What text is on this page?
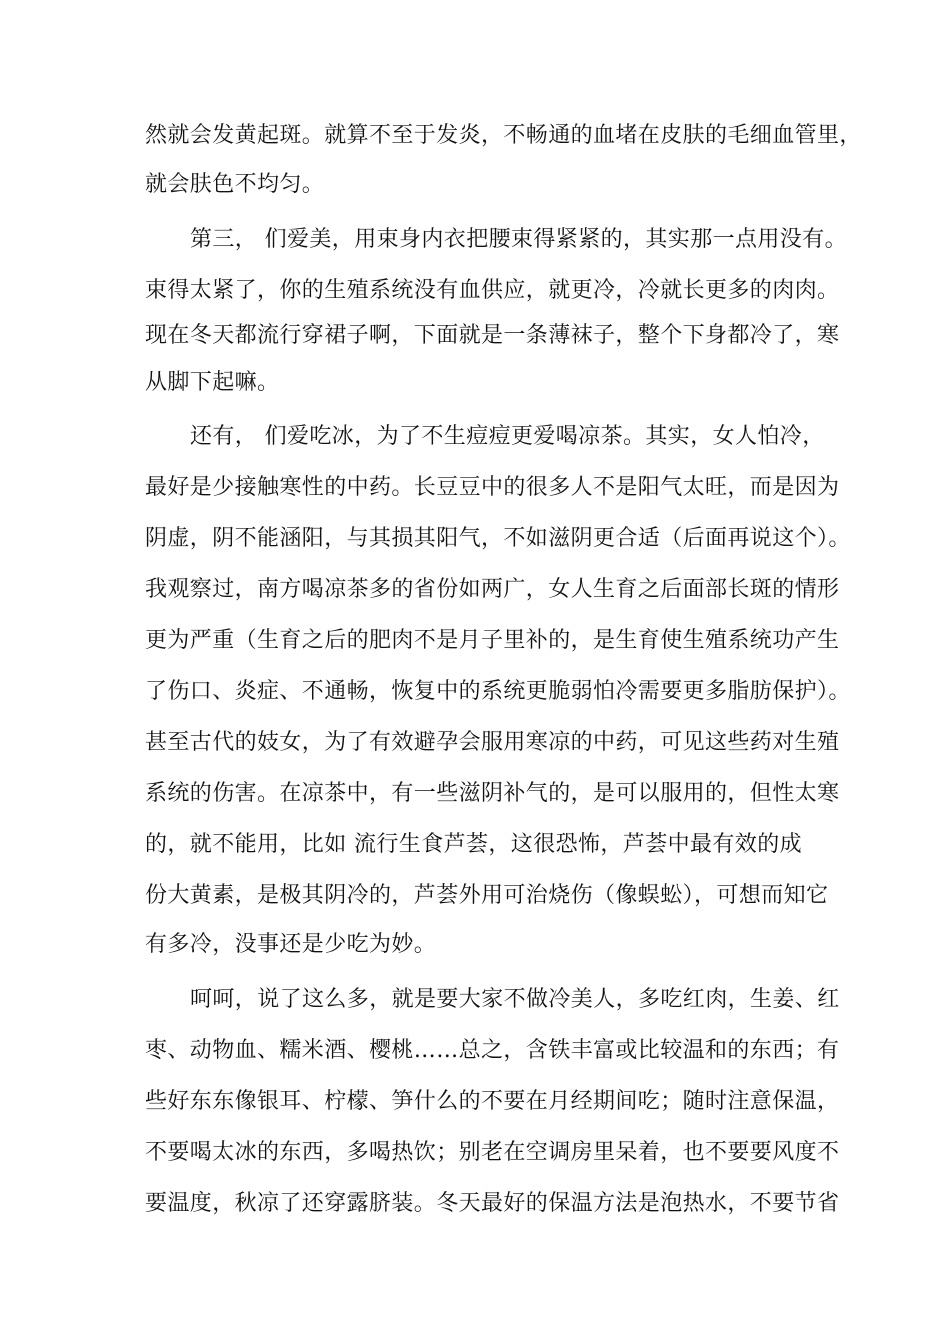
然就会发黄起斑。就算不至于发炎，不畅通的血堵在皮肤的毛细血管里，
就会肤色不均匀。
第三， 们爱美，用束身内衣把腰束得紧紧的，其实那一点用没有。
束得太紧了，你的生殖系统没有血供应，就更冷，冷就长更多的肉肉。
现在冬天都流行穿裙子啊，下面就是一条薄袜子，整个下身都冷了，寒
从脚下起嘛。
还有， 们爱吃冰，为了不生痘痘更爱喝凉茶。其实，女人怕冷，
最好是少接触寒性的中药。长豆豆中的很多人不是阳气太旺，而是因为
阴虚，阴不能涵阳，与其损其阳气，不如滋阴更合适（后面再说这个）。
我观察过，南方喝凉茶多的省份如两广，女人生育之后面部长斑的情形
更为严重（生育之后的肥肉不是月子里补的，是生育使生殖系统功产生
了伤口、炎症、不通畅，恢复中的系统更脆弱怕冷需要更多脂肪保护）。
甚至古代的妓女，为了有效避孕会服用寒凉的中药，可见这些药对生殖
系统的伤害。在凉茶中，有一些滋阴补气的，是可以服用的，但性太寒
的，就不能用，比如 流行生食芦荟，这很恐怖，芦荟中最有效的成
份大黄素，是极其阴冷的，芦荟外用可治烧伤（像蜈蚣），可想而知它
有多冷，没事还是少吃为妙。
呵呵，说了这么多，就是要大家不做冷美人，多吃红肉，生姜、红
枣、动物血、糯米酒、樱桃……总之，含铁丰富或比较温和的东西；有
些好东东像银耳、柠檬、笋什么的不要在月经期间吃；随时注意保温，
不要喝太冰的东西，多喝热饮；别老在空调房里呆着，也不要要风度不
要温度，秋凉了还穿露脐装。冬天最好的保温方法是泡热水，不要节省
